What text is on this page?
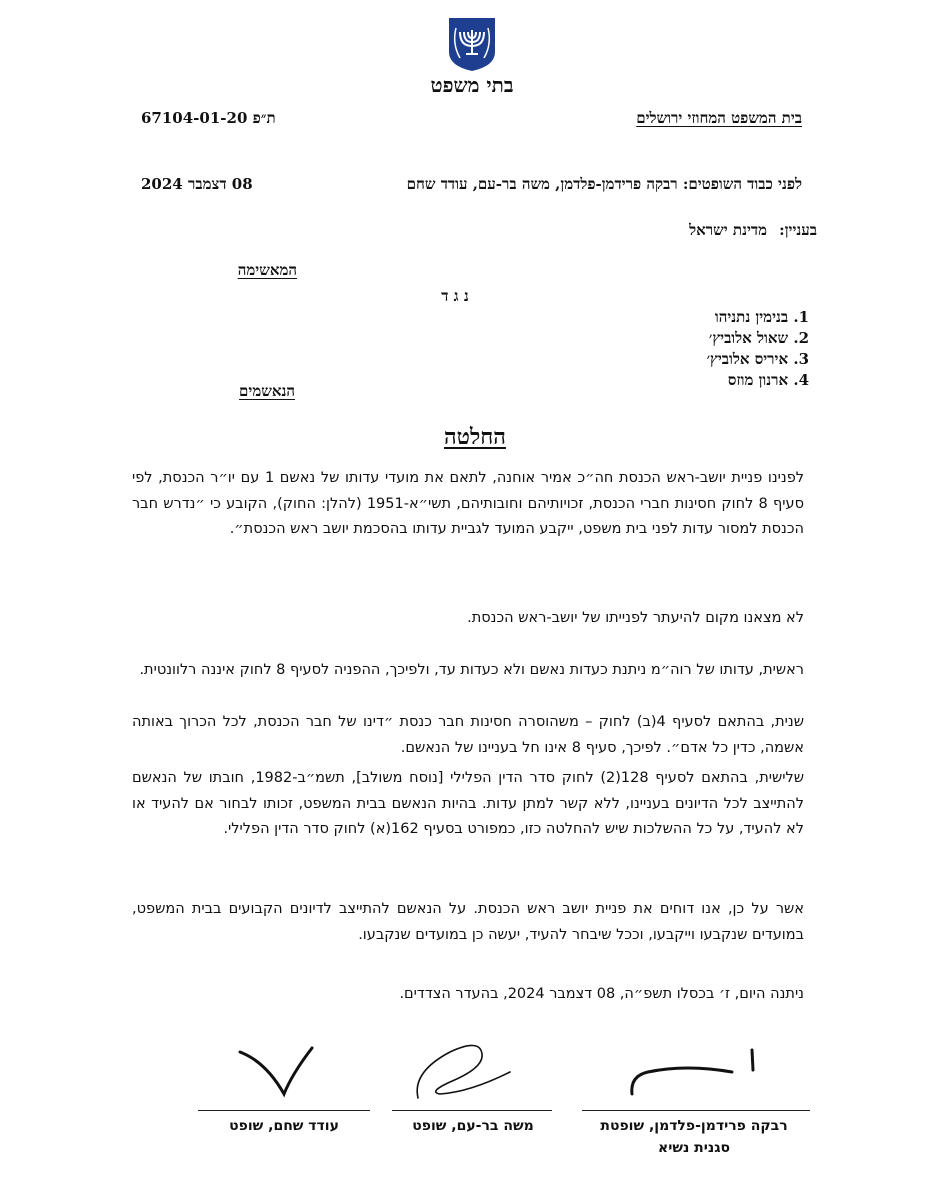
בתי משפט
בית המשפט המחוזי ירושלים
ת״פ 67104-01-20
לפני כבוד השופטים: רבקה פרידמן-פלדמן, משה בר-עם, עודד שחם
08 דצמבר 2024
בעניין:
מדינת ישראל
המאשימה
נ ג ד
1. בנימין נתניהו
2. שאול אלוביץ׳
3. איריס אלוביץ׳
4. ארנון מוזס
הנאשמים
החלטה
לפנינו פניית יושב-ראש הכנסת חה״כ אמיר אוחנה, לתאם את מועדי עדותו של נאשם 1 עם יו״ר הכנסת, לפי סעיף 8 לחוק חסינות חברי הכנסת, זכויותיהם וחובותיהם, תשי״א-1951 (להלן: החוק), הקובע כי ״נדרש חבר הכנסת למסור עדות לפני בית משפט, ייקבע המועד לגביית עדותו בהסכמת יושב ראש הכנסת״.
לא מצאנו מקום להיעתר לפנייתו של יושב-ראש הכנסת.
ראשית, עדותו של רוה״מ ניתנת כעדות נאשם ולא כעדות עד, ולפיכך, ההפניה לסעיף 8 לחוק איננה רלוונטית.
שנית, בהתאם לסעיף 4(ב) לחוק – משהוסרה חסינות חבר כנסת ״דינו של חבר הכנסת, לכל הכרוך באותה אשמה, כדין כל אדם״. לפיכך, סעיף 8 אינו חל בעניינו של הנאשם.
שלישית, בהתאם לסעיף 128(2) לחוק סדר הדין הפלילי [נוסח משולב], תשמ״ב-1982, חובתו של הנאשם להתייצב לכל הדיונים בעניינו, ללא קשר למתן עדות. בהיות הנאשם בבית המשפט, זכותו לבחור אם להעיד או לא להעיד, על כל ההשלכות שיש להחלטה כזו, כמפורט בסעיף 162(א) לחוק סדר הדין הפלילי.
אשר על כן, אנו דוחים את פניית יושב ראש הכנסת. על הנאשם להתייצב לדיונים הקבועים בבית המשפט, במועדים שנקבעו וייקבעו, וככל שיבחר להעיד, יעשה כן במועדים שנקבעו.
ניתנה היום, ז׳ בכסלו תשפ״ה, 08 דצמבר 2024, בהעדר הצדדים.
רבקה פרידמן-פלדמן, שופטת
סגנית נשיא
משה בר-עם, שופט
עודד שחם, שופט
